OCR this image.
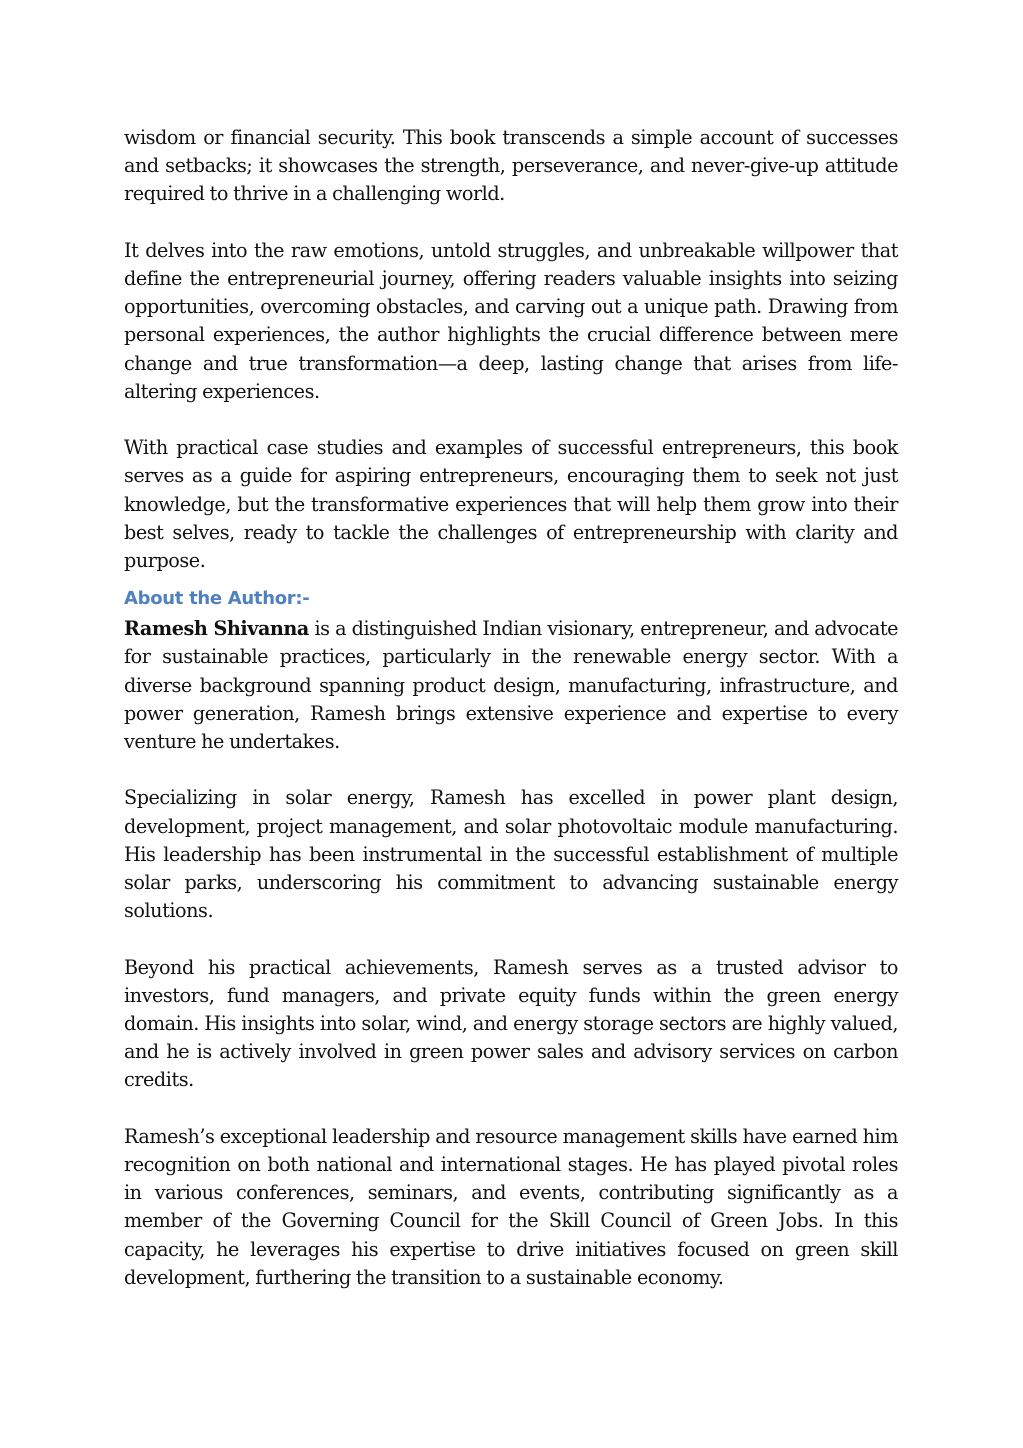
wisdom or financial security. This book transcends a simple account of successes and setbacks; it showcases the strength, perseverance, and never-give-up attitude required to thrive in a challenging world.

It delves into the raw emotions, untold struggles, and unbreakable willpower that define the entrepreneurial journey, offering readers valuable insights into seizing opportunities, overcoming obstacles, and carving out a unique path. Drawing from personal experiences, the author highlights the crucial difference between mere change and true transformation—a deep, lasting change that arises from life-altering experiences.

With practical case studies and examples of successful entrepreneurs, this book serves as a guide for aspiring entrepreneurs, encouraging them to seek not just knowledge, but the transformative experiences that will help them grow into their best selves, ready to tackle the challenges of entrepreneurship with clarity and purpose.

About the Author:-

Ramesh Shivanna is a distinguished Indian visionary, entrepreneur, and advocate for sustainable practices, particularly in the renewable energy sector. With a diverse background spanning product design, manufacturing, infrastructure, and power generation, Ramesh brings extensive experience and expertise to every venture he undertakes.

Specializing in solar energy, Ramesh has excelled in power plant design, development, project management, and solar photovoltaic module manufacturing. His leadership has been instrumental in the successful establishment of multiple solar parks, underscoring his commitment to advancing sustainable energy solutions.

Beyond his practical achievements, Ramesh serves as a trusted advisor to investors, fund managers, and private equity funds within the green energy domain. His insights into solar, wind, and energy storage sectors are highly valued, and he is actively involved in green power sales and advisory services on carbon credits.

Ramesh’s exceptional leadership and resource management skills have earned him recognition on both national and international stages. He has played pivotal roles in various conferences, seminars, and events, contributing significantly as a member of the Governing Council for the Skill Council of Green Jobs. In this capacity, he leverages his expertise to drive initiatives focused on green skill development, furthering the transition to a sustainable economy.
